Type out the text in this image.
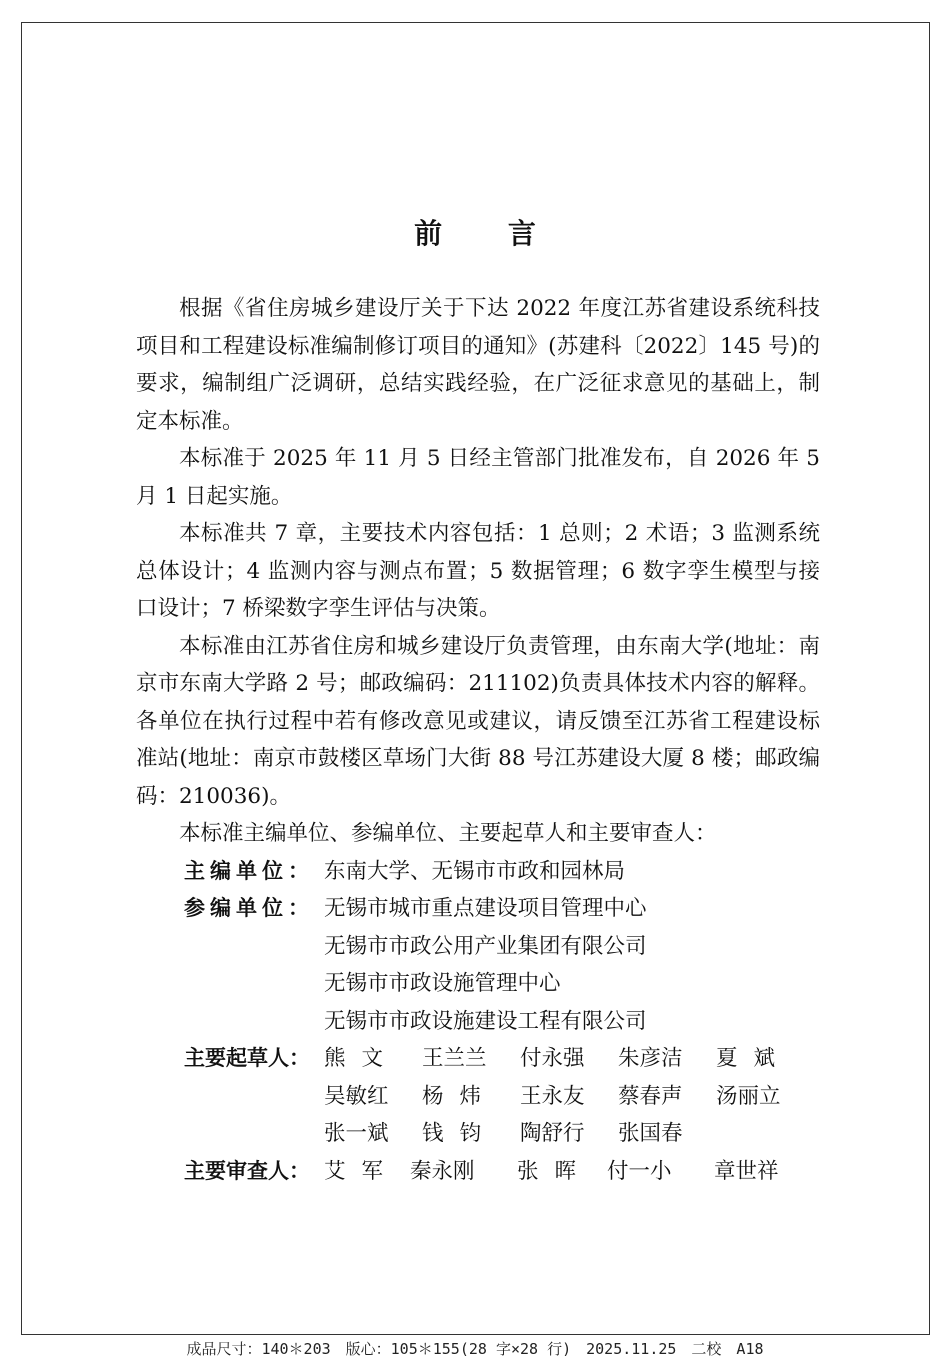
前 言

根据《省住房城乡建设厅关于下达 2022 年度江苏省建设系统科技项目和工程建设标准编制修订项目的通知》(苏建科〔2022〕145 号)的要求，编制组广泛调研，总结实践经验，在广泛征求意见的基础上，制定本标准。

本标准于 2025 年 11 月 5 日经主管部门批准发布，自 2026 年 5 月 1 日起实施。

本标准共 7 章，主要技术内容包括：1 总则；2 术语；3 监测系统总体设计；4 监测内容与测点布置；5 数据管理；6 数字孪生模型与接口设计；7 桥梁数字孪生评估与决策。

本标准由江苏省住房和城乡建设厅负责管理，由东南大学(地址：南京市东南大学路 2 号；邮政编码：211102)负责具体技术内容的解释。各单位在执行过程中若有修改意见或建议，请反馈至江苏省工程建设标准站(地址：南京市鼓楼区草场门大街 88 号江苏建设大厦 8 楼；邮政编码：210036)。

本标准主编单位、参编单位、主要起草人和主要审查人：

主编单位： 东南大学、无锡市市政和园林局
参编单位： 无锡市城市重点建设项目管理中心
无锡市市政公用产业集团有限公司
无锡市市政设施管理中心
无锡市市政设施建设工程有限公司
主要起草人： 熊文	王兰兰	付永强	朱彦洁	夏斌
吴敏红	杨炜	王永友	蔡春声	汤丽立
张一斌	钱钧	陶舒行	张国春
主要审查人： 艾军 秦永刚	张晖 付一小	章世祥
成品尺寸：140＊203　版心：105＊155(28 字×28 行)　2025.11.25　二校　A18
